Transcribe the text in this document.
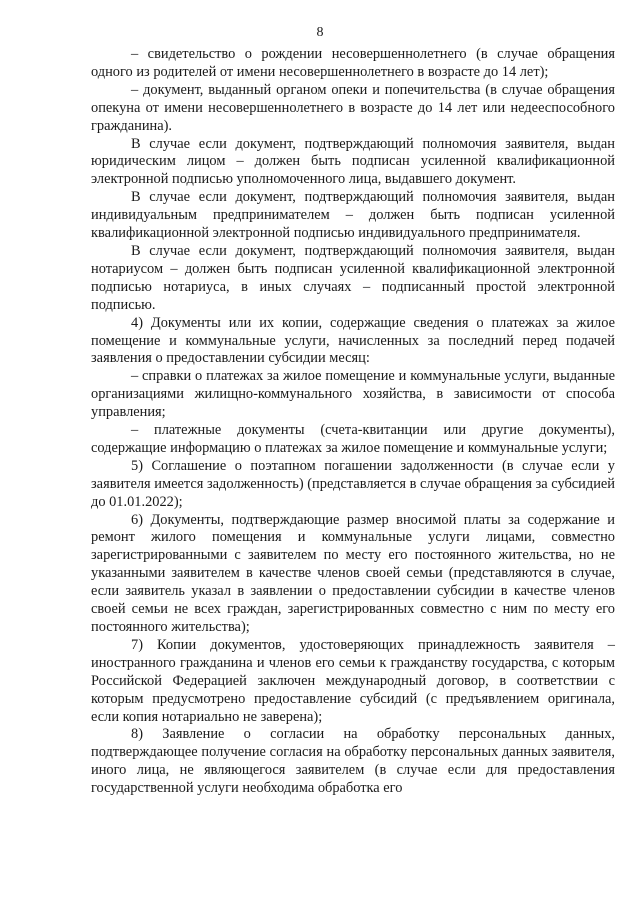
8

– свидетельство о рождении несовершеннолетнего (в случае обращения одного из родителей от имени несовершеннолетнего в возрасте до 14 лет);

– документ, выданный органом опеки и попечительства (в случае обращения опекуна от имени несовершеннолетнего в возрасте до 14 лет или недееспособного гражданина).

В случае если документ, подтверждающий полномочия заявителя, выдан юридическим лицом – должен быть подписан усиленной квалификационной электронной подписью уполномоченного лица, выдавшего документ.

В случае если документ, подтверждающий полномочия заявителя, выдан индивидуальным предпринимателем – должен быть подписан усиленной квалификационной электронной подписью индивидуального предпринимателя.

В случае если документ, подтверждающий полномочия заявителя, выдан нотариусом – должен быть подписан усиленной квалификационной электронной подписью нотариуса, в иных случаях – подписанный простой электронной подписью.

4) Документы или их копии, содержащие сведения о платежах за жилое помещение и коммунальные услуги, начисленных за последний перед подачей заявления о предоставлении субсидии месяц:

– справки о платежах за жилое помещение и коммунальные услуги, выданные организациями жилищно-коммунального хозяйства, в зависимости от способа управления;

– платежные документы (счета-квитанции или другие документы), содержащие информацию о платежах за жилое помещение и коммунальные услуги;

5) Соглашение о поэтапном погашении задолженности (в случае если у заявителя имеется задолженность) (представляется в случае обращения за субсидией до 01.01.2022);

6) Документы, подтверждающие размер вносимой платы за содержание и ремонт жилого помещения и коммунальные услуги лицами, совместно зарегистрированными с заявителем по месту его постоянного жительства, но не указанными заявителем в качестве членов своей семьи (представляются в случае, если заявитель указал в заявлении о предоставлении субсидии в качестве членов своей семьи не всех граждан, зарегистрированных совместно с ним по месту его постоянного жительства);

7) Копии документов, удостоверяющих принадлежность заявителя – иностранного гражданина и членов его семьи к гражданству государства, с которым Российской Федерацией заключен международный договор, в соответствии с которым предусмотрено предоставление субсидий (с предъявлением оригинала, если копия нотариально не заверена);

8) Заявление о согласии на обработку персональных данных, подтверждающее получение согласия на обработку персональных данных заявителя, иного лица, не являющегося заявителем (в случае если для предоставления государственной услуги необходима обработка его
